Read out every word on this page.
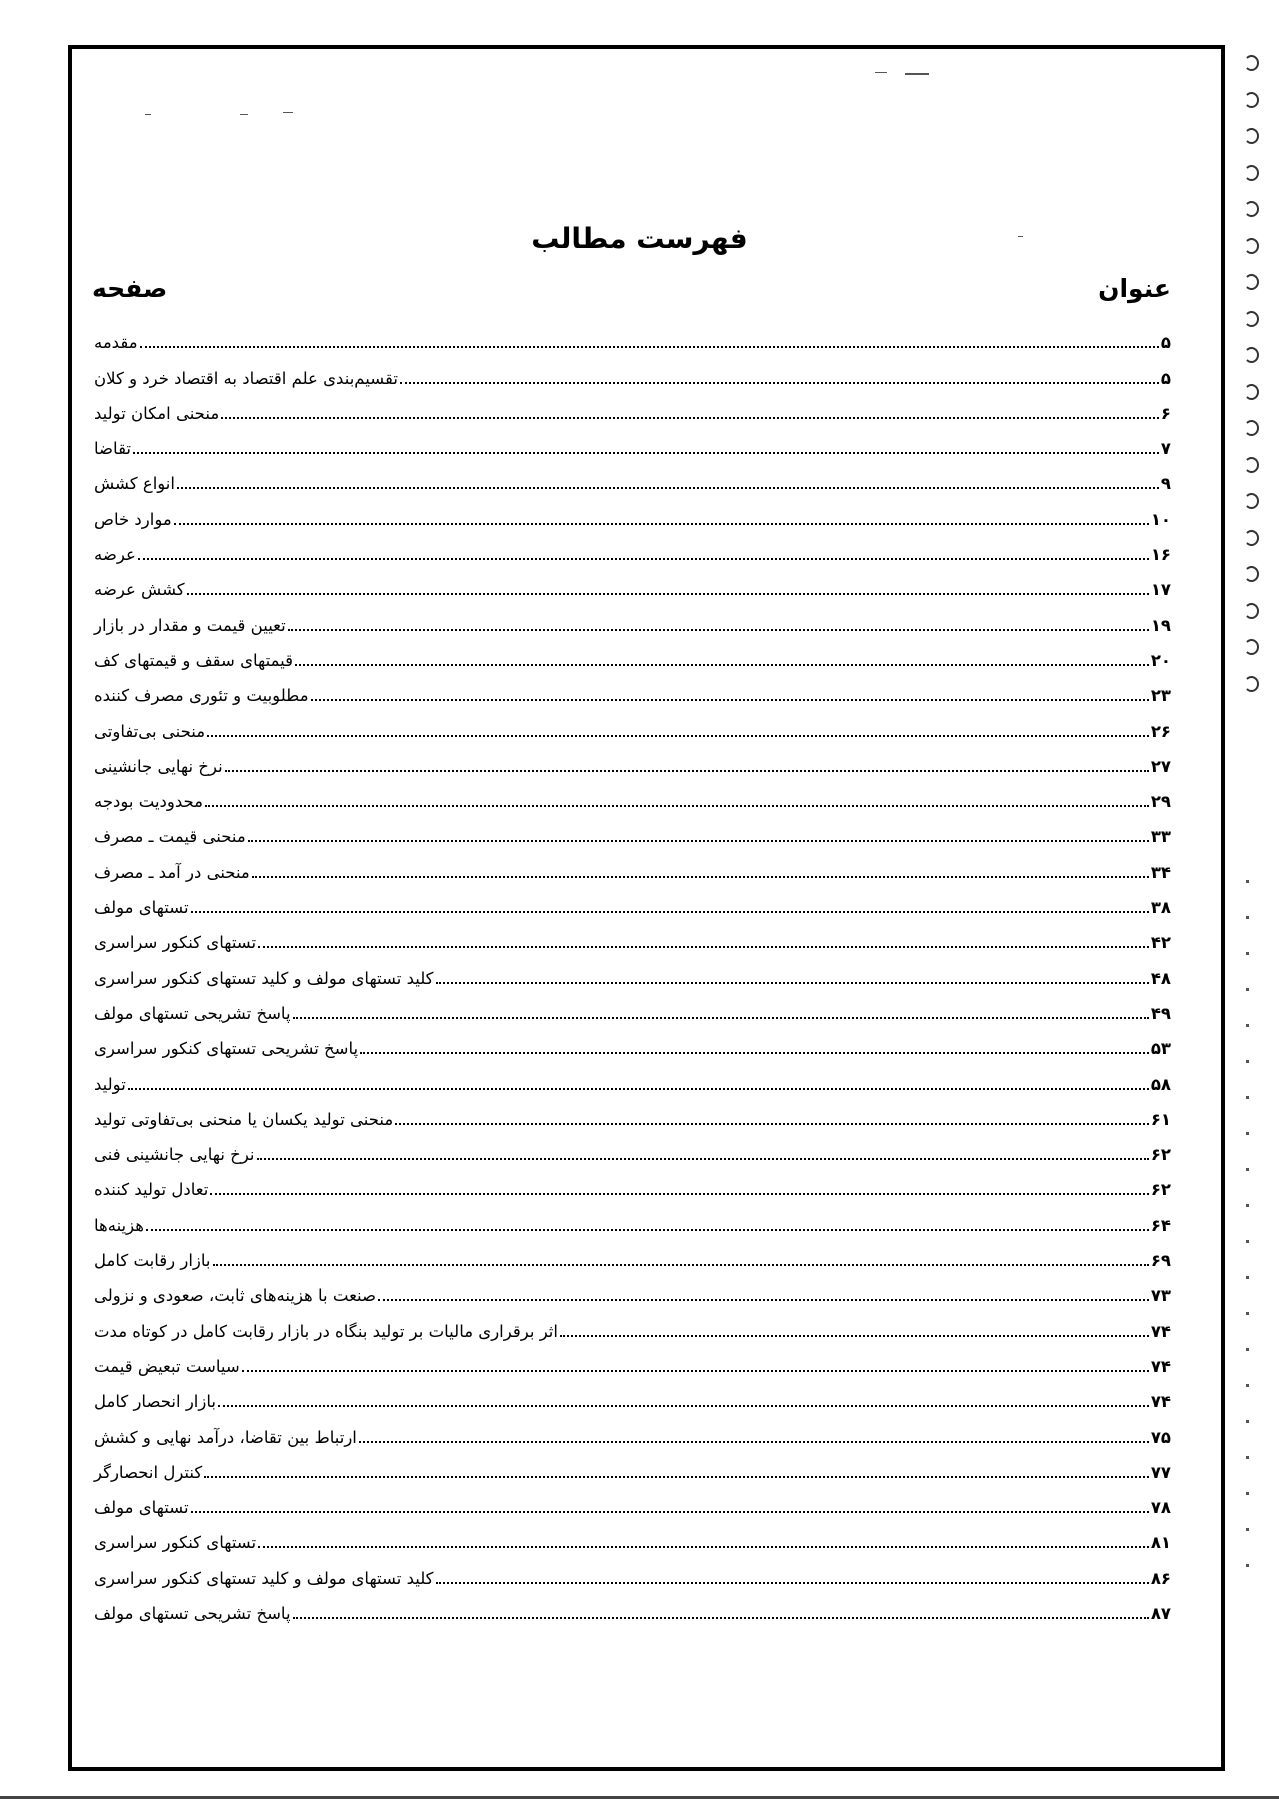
فهرست مطالب
عنوان
صفحه
مقدمه	۵
تقسیم‌بندی علم اقتصاد به اقتصاد خرد و کلان	۵
منحنی امکان تولید	۶
تقاضا	۷
انواع کشش	۹
موارد خاص	۱۰
عرضه	۱۶
کشش عرضه	۱۷
تعیین قیمت و مقدار در بازار	۱۹
قیمتهای سقف و قیمتهای کف	۲۰
مطلوبیت و تئوری مصرف کننده	۲۳
منحنی بی‌تفاوتی	۲۶
نرخ نهایی جانشینی	۲۷
محدودیت بودجه	۲۹
منحنی قیمت ـ مصرف	۳۳
منحنی در آمد ـ مصرف	۳۴
تستهای مولف	۳۸
تستهای کنکور سراسری	۴۲
کلید تستهای مولف و کلید تستهای کنکور سراسری	۴۸
پاسخ تشریحی تستهای مولف	۴۹
پاسخ تشریحی تستهای کنکور سراسری	۵۳
تولید	۵۸
منحنی تولید یکسان یا منحنی بی‌تفاوتی تولید	۶۱
نرخ نهایی جانشینی فنی	۶۲
تعادل تولید کننده	۶۲
هزینه‌ها	۶۴
بازار رقابت کامل	۶۹
صنعت با هزینه‌های ثابت، صعودی و نزولی	۷۳
اثر برقراری مالیات بر تولید بنگاه در بازار رقابت کامل در کوتاه مدت	۷۴
سیاست تبعیض قیمت	۷۴
بازار انحصار کامل	۷۴
ارتباط بین تقاضا، درآمد نهایی و کشش	۷۵
کنترل انحصارگر	۷۷
تستهای مولف	۷۸
تستهای کنکور سراسری	۸۱
کلید تستهای مولف و کلید تستهای کنکور سراسری	۸۶
پاسخ تشریحی تستهای مولف	۸۷
